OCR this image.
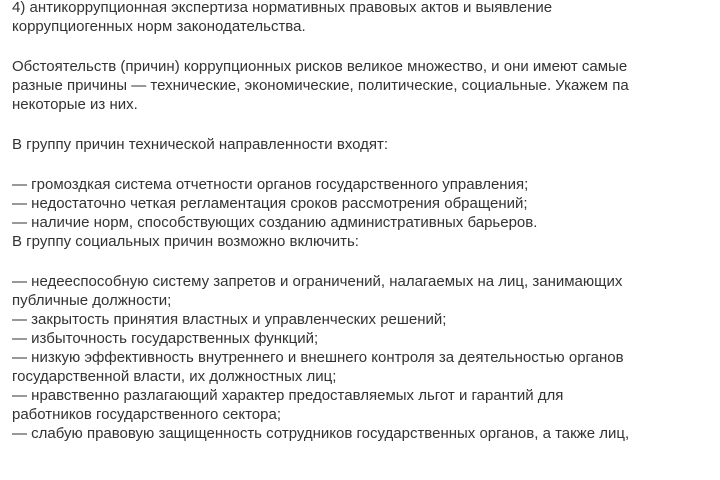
4) антикоррупционная экспертиза нормативных правовых актов и выявление

коррупциогенных норм законодательства.

Обстоятельств (причин) коррупционных рисков великое множество, и они имеют самые

разные причины — технические, экономические, политические, социальные. Укажем па

некоторые из них.

В группу причин технической направленности входят:

— громоздкая система отчетности органов государственного управления;

— недостаточно четкая регламентация сроков рассмотрения обращений;

— наличие норм, способствующих созданию административных барьеров.

В группу социальных причин возможно включить:

— недееспособную систему запретов и ограничений, налагаемых на лиц, занимающих

публичные должности;

— закрытость принятия властных и управленческих решений;

— избыточность государственных функций;

— низкую эффективность внутреннего и внешнего контроля за деятельностью органов

государственной власти, их должностных лиц;

— нравственно разлагающий характер предоставляемых льгот и гарантий для

работников государственного сектора;

— слабую правовую защищенность сотрудников государственных органов, а также лиц,
